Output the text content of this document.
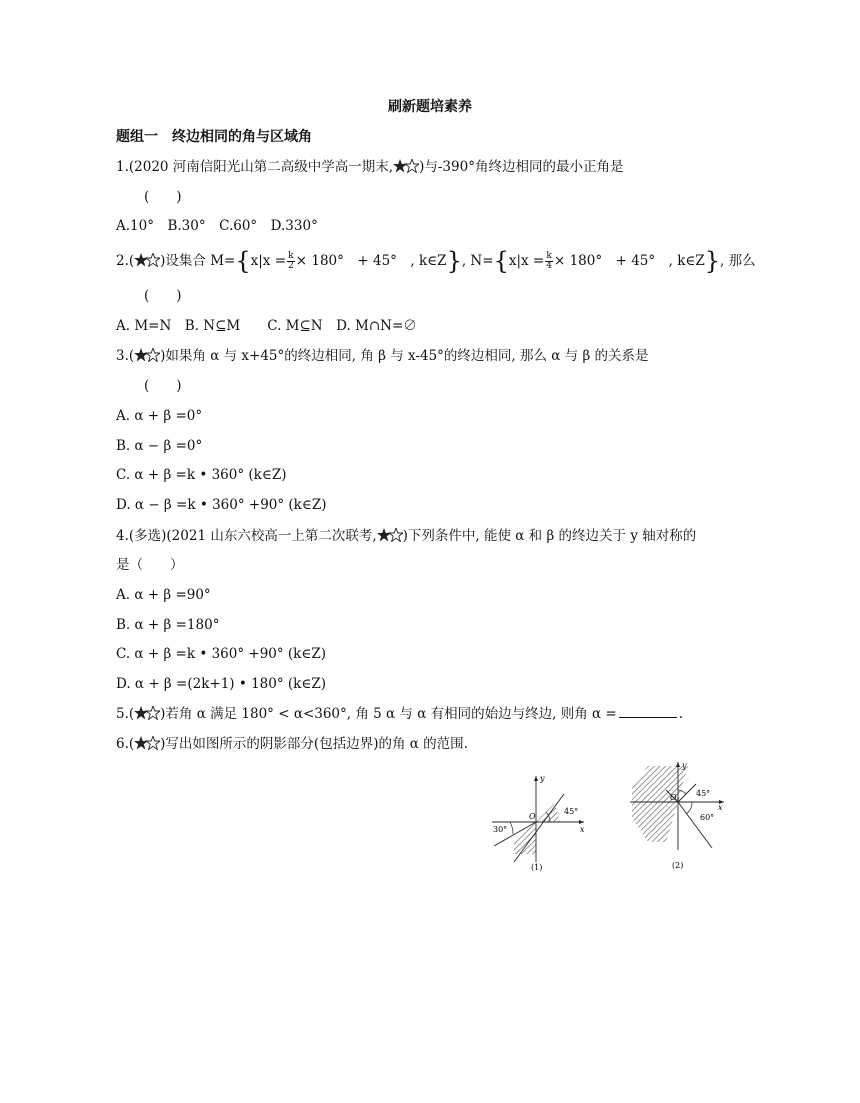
刷新题培素养
题组一　终边相同的角与区域角
1.(2020 河南信阳光山第二高级中学高一期末, )与-390°角终边相同的最小正角是
(　　)
A.10°　B.30°　C.60°　D.330°
2.( )设集合 $M=\{x|x = \frac{k}{2} \times 180^\circ$　+ 45°　, k∈Z}, $N=\{x|x = \frac{k}{4} \times 180^\circ$　+ 45°　, k∈Z}, 那么
(　　)
A. M=N　B. N⊆M　　C. M⊆N　D. M∩N=∅
3.( )如果角 α 与 x+45°的终边相同, 角 β 与 x-45°的终边相同, 那么 α 与 β 的关系是
(　　)
A. α + β =0°
B. α − β =0°
C. α + β =k • 360° (k∈Z)
D. α − β =k • 360° +90° (k∈Z)
4.(多选)(2021 山东六校高一上第二次联考, )下列条件中, 能使 α 和 β 的终边关于 y 轴对称的
是（　　）
A. α + β =90°
B. α + β =180°
C. α + β =k • 360° +90° (k∈Z)
D. α + β =(2k+1) • 180° (k∈Z)
5.( )若角 α 满足 180° < α<360°, 角 5 α 与 α 有相同的始边与终边, 则角 α =	.
6.( )写出如图所示的阴影部分(包括边界)的角 α 的范围.
45°
30°	x
y
O
(1)
45°
60°
x
y
O
(2)
